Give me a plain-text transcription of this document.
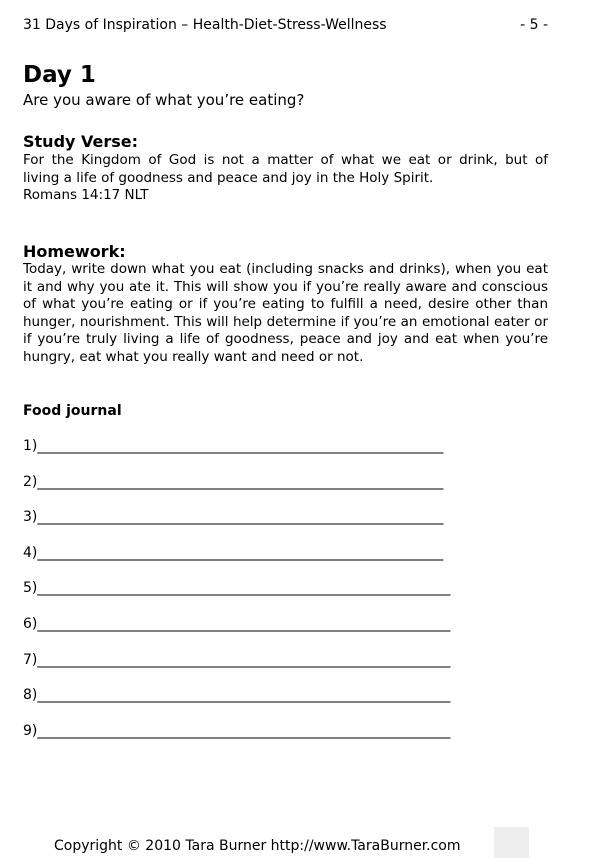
31 Days of Inspiration – Health-Diet-Stress-Wellness	- 5 -
Day 1

Are you aware of what you’re eating?

Study Verse:

For the Kingdom of God is not a matter of what we eat or drink, but of
living a life of goodness and peace and joy in the Holy Spirit.
Romans 14:17 NLT

Homework:

Today, write down what you eat (including snacks and drinks), when you eat it and why you ate it. This will show you if you’re really aware and conscious of what you’re eating or if you’re eating to fulfill a need, desire other than hunger, nourishment. This will help determine if you’re an emotional eater or if you’re truly living a life of goodness, peace and joy and eat when you’re hungry, eat what you really want and need or not.

Food journal
1)__________________________________________________________
2)__________________________________________________________
3)__________________________________________________________
4)__________________________________________________________
5)___________________________________________________________
6)___________________________________________________________
7)___________________________________________________________
8)___________________________________________________________
9)___________________________________________________________
Copyright © 2010 Tara Burner http://www.TaraBurner.com
